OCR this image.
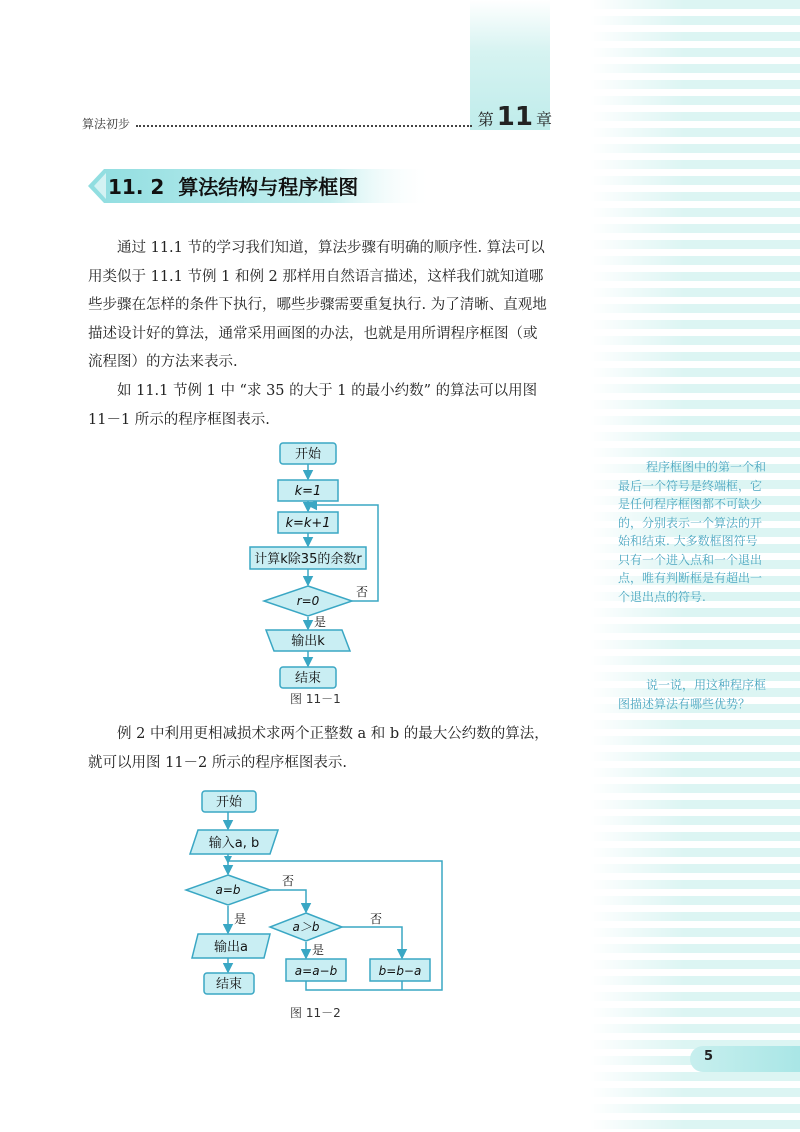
算法初步	第 11 章
11. 2 算法结构与程序框图
通过 11.1 节的学习我们知道，算法步骤有明确的顺序性. 算法可以用类似于 11.1 节例 1 和例 2 那样用自然语言描述，这样我们就知道哪些步骤在怎样的条件下执行，哪些步骤需要重复执行. 为了清晰、直观地描述设计好的算法，通常采用画图的办法，也就是用所谓程序框图（或流程图）的方法来表示.
如 11.1 节例 1 中 “求 35 的大于 1 的最小约数” 的算法可以用图 11－1 所示的程序框图表示.
开始
k=1
k=k+1
计算k除35的余数r
r=0
是
否
输出k
结束
图 11－1
例 2 中利用更相减损术求两个正整数 a 和 b 的最大公约数的算法，就可以用图 11－2 所示的程序框图表示.
开始
输入a, b
a=b
否
是
输出a
结束
a＞b
否
是
a=a−b	b=b−a
图 11－2
程序框图中的第一个和最后一个符号是终端框，它是任何程序框图都不可缺少的，分别表示一个算法的开始和结束. 大多数框图符号只有一个进入点和一个退出点，唯有判断框是有超出一个退出点的符号.
说一说，用这种程序框图描述算法有哪些优势？
5
